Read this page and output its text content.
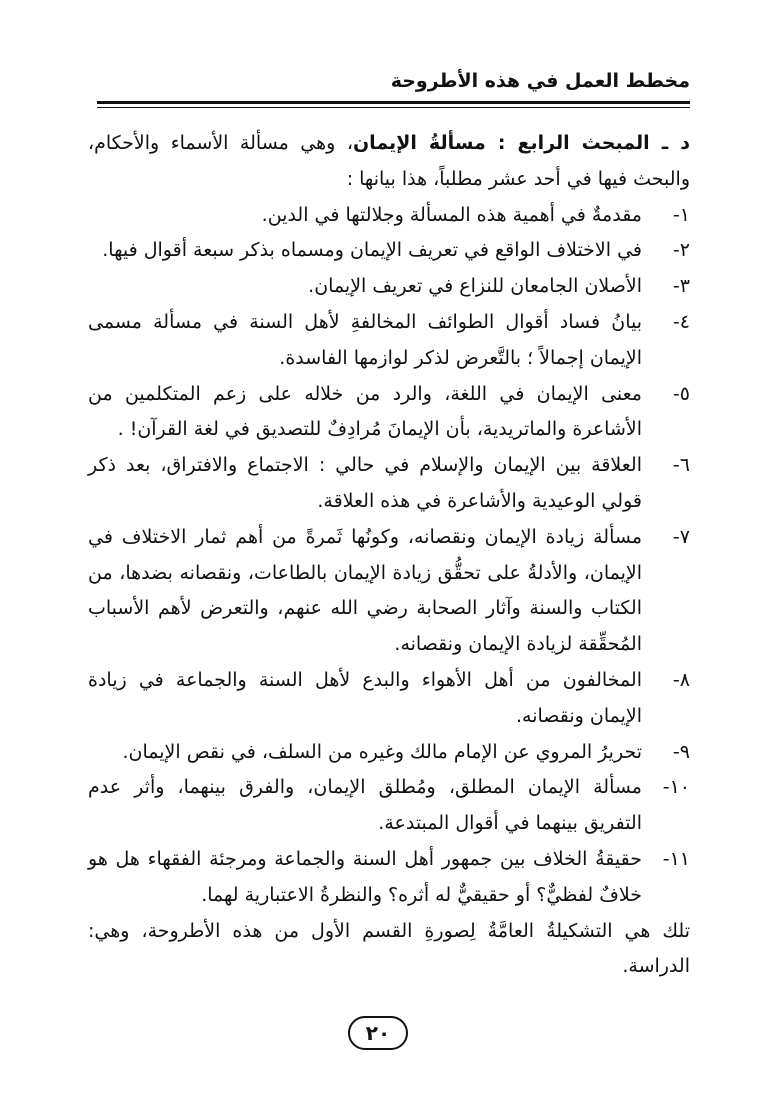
مخطط العمل في هذه الأطروحة

د ـ المبحث الرابع : مسألةُ الإيمان، وهي مسألة الأسماء والأحكام، والبحث فيها في أحد عشر مطلباً، هذا بيانها :

١-
مقدمةٌ في أهمية هذه المسألة وجلالتها في الدين.
٢-
في الاختلاف الواقع في تعريف الإيمان ومسماه بذكر سبعة أقوال فيها.
٣-
الأصلان الجامعان للنزاع في تعريف الإيمان.
٤-
بيانُ فساد أقوال الطوائف المخالفةِ لأهل السنة في مسألة مسمى الإيمان إجمالاً ؛ بالتَّعرض لذكر لوازمها الفاسدة.
٥-
معنى الإيمان في اللغة، والرد من خلاله على زعم المتكلمين من الأشاعرة والماتريدية، بأن الإيمانَ مُرادِفٌ للتصديق في لغة القرآن! .
٦-
العلاقة بين الإيمان والإسلام في حالي : الاجتماع والافتراق، بعد ذكر قولي الوعيدية والأشاعرة في هذه العلاقة.
٧-
مسألة زيادة الإيمان ونقصانه، وكونُها ثَمرةً من أهم ثمار الاختلاف في الإيمان، والأدلةُ على تحقُّق زيادة الإيمان بالطاعات، ونقصانه بضدها، من الكتاب والسنة وآثار الصحابة رضي الله عنهم، والتعرض لأهم الأسباب المُحقِّقة لزيادة الإيمان ونقصانه.
٨-
المخالفون من أهل الأهواء والبدع لأهل السنة والجماعة في زيادة الإيمان ونقصانه.
٩-
تحريرُ المروي عن الإمام مالك وغيره من السلف، في نقص الإيمان.
١٠-
مسألة الإيمان المطلق، ومُطلق الإيمان، والفرق بينهما، وأثر عدم التفريق بينهما في أقوال المبتدعة.
١١-
حقيقةُ الخلاف بين جمهور أهل السنة والجماعة ومرجئة الفقهاء هل هو خلافٌ لفظيٌّ؟ أو حقيقيٌّ له أثره؟ والنظرةُ الاعتبارية لهما.

تلك هي التشكيلةُ العامَّةُ لِصورةِ القسم الأول من هذه الأطروحة، وهي: الدراسة.

٢٠
